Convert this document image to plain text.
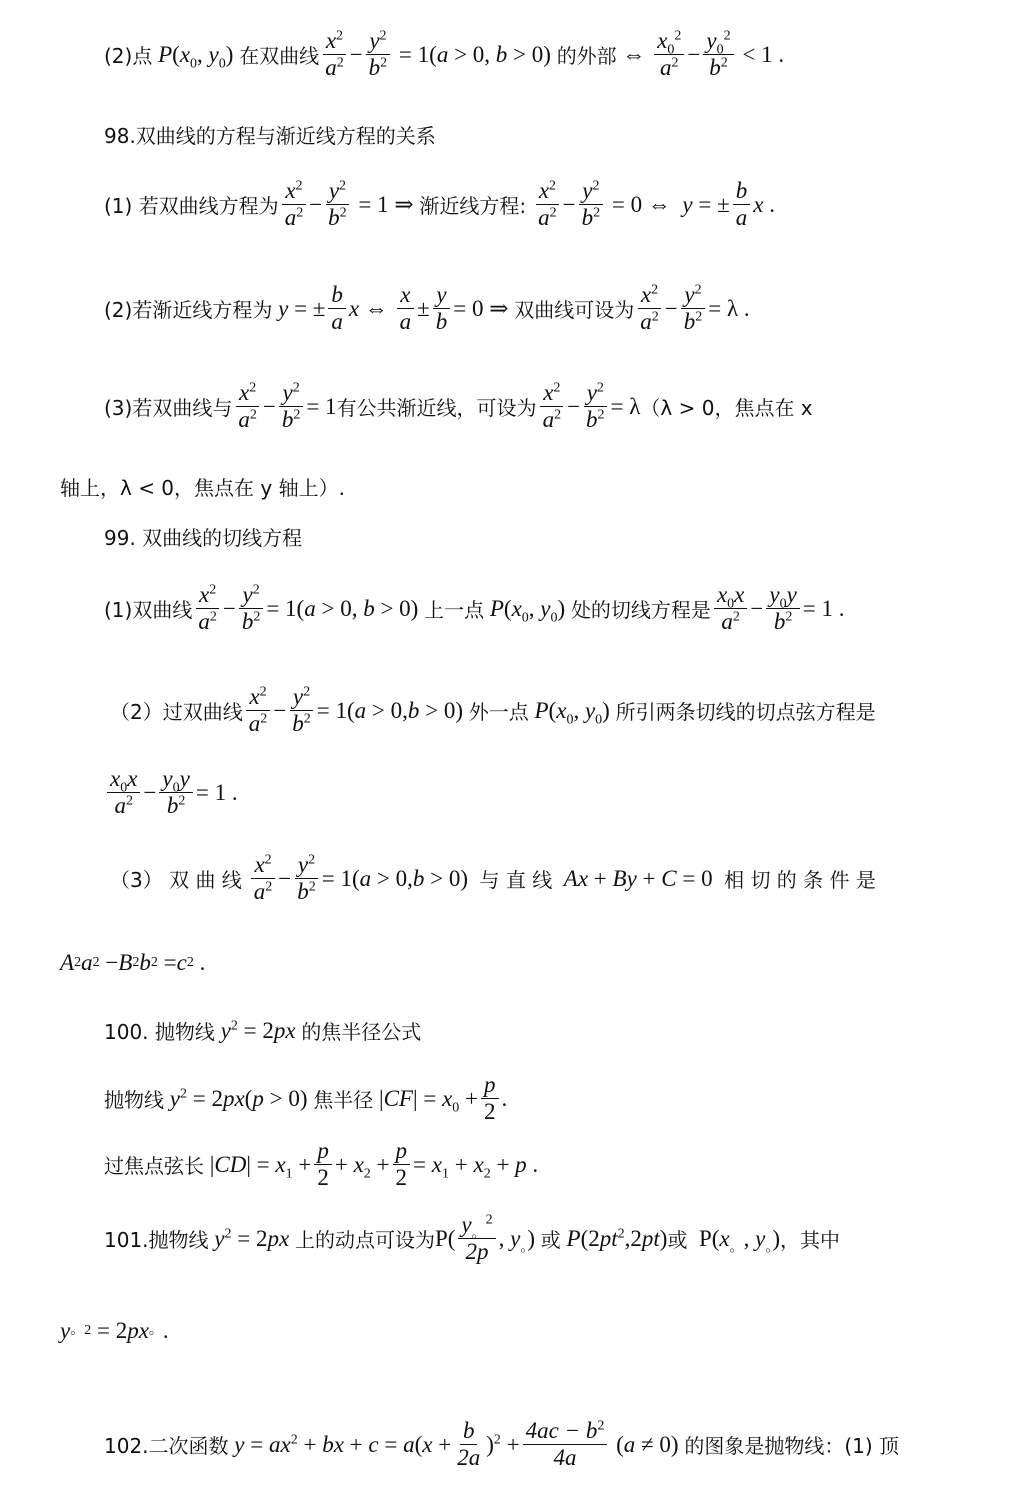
(2)点 $P(x_0$, $y_0$) 在双曲线
$x^2$
$a^2 - \frac{y^2}{b^2} = 1(a > 0$, b > 0) 的外部 ⇔
$x_0^2$
$a^2 - \frac{y_0^2}{b^2} < 1$ .
98.双曲线的方程与渐近线方程的关系
(1) 若双曲线方程为
$x^2$
$a^2 - \frac{y^2}{b^2} = 1$ ⇒ 渐近线方程:
$x^2$
$a^2 - \frac{y^2}{b^2} = 0$ ⇔  y = ± $\frac{b}{a}$ x .
(2)若渐近线方程为 y = ± $\frac{b}{a}$ x ⇔
x
a
± $\frac{y}{b} = 0$ ⇒ 双曲线可设为
$x^2$
$a^2 - \frac{y^2}{b^2} = \lambda$ .
(3)若双曲线与
$x^2$
$a^2 - \frac{y^2}{b^2} = 1$ 有公共渐近线，可设为
$x^2$
$a^2 - \frac{y^2}{b^2} = \lambda$ （λ > 0，焦点在 x
轴上，λ < 0，焦点在 y 轴上）.
99. 双曲线的切线方程
(1)双曲线
$x^2$
$a^2 - \frac{y^2}{b^2} = 1(a > 0$, b > 0) 上一点 $P(x_0$, $y_0$) 处的切线方程是
$x_0x$
$a^2 - \frac{y_0y}{b^2} = 1$ .
（2）过双曲线
$x^2$
$a^2 - \frac{y^2}{b^2} = 1(a > 0,b > 0)$ 外一点 $P(x_0$, $y_0$) 所引两条切线的切点弦方程是
$x_0x$
$a^2 - \frac{y_0y}{b^2} = 1$ .
（3） 双 曲 线
$x^2$
$a^2 - \frac{y^2}{b^2} = 1(a > 0,b > 0)$ 与 直 线 Ax + By + C = 0 相 切 的 条 件 是
A 2 a 2 − B 2 b 2 = c 2 .
100. 抛物线 $y^2 = 2px$ 的焦半径公式
抛物线 $y^2 = 2px(p > 0)$ 焦半径 $|CF| = x_0 + \frac{p}{2}$ .
过焦点弦长 $|CD| = x_1 + \frac{p}{2} + x_2 + \frac{p}{2} = x_1 + x_2 + p$ .
101.抛物线 $y^2 = 2px$ 上的动点可设为 P(
$y_。^2$
2p
, $y_。$) 或 $P(2pt^2,2pt)$ 或 $P(x_。$, $y_。$) ，其中
y 。 2 = 2 px 。 .
102.二次函数 $y = ax^2$ + bx + $c = a(x + \frac{b}{2a} )^2 + \frac{4ac - b^2}{4a} (a \ne 0)$ 的图象是抛物线：(1) 顶
